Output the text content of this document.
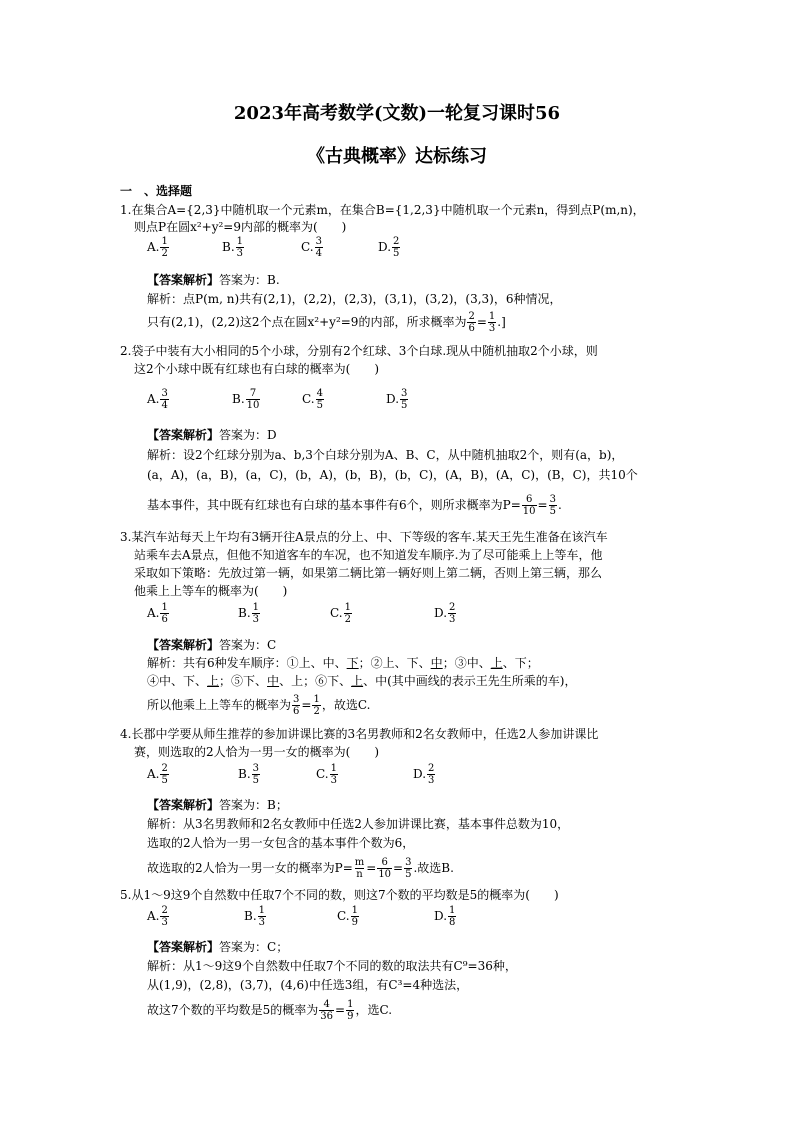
2023年高考数学(文数)一轮复习课时56
《古典概率》达标练习
一　、选择题
1.在集合A={2,3}中随机取一个元素m，在集合B={1,2,3}中随机取一个元素n，得到点P(m,n)，
则点P在圆x²+y²=9内部的概率为(　　)
A. $\frac{1}{2}$	B. $\frac{1}{3}$	C. $\frac{3}{4}$	D. $\frac{2}{5}$
【答案解析】答案为：B.
解析：点P(m, n)共有(2,1)，(2,2)，(2,3)，(3,1)，(3,2)，(3,3)，6种情况，
只有(2,1)，(2,2)这2个点在圆x²+y²=9的内部，所求概率为 $\frac{2}{6} = \frac{1}{3}$ .]
2.袋子中装有大小相同的5个小球，分别有2个红球、3个白球.现从中随机抽取2个小球，则
这2个小球中既有红球也有白球的概率为(　　)
A. $\frac{3}{4}$	B. $\frac{7}{10}$	C. $\frac{4}{5}$	D. $\frac{3}{5}$
【答案解析】答案为：D
解析：设2个红球分别为a、b,3个白球分别为A、B、C，从中随机抽取2个，则有(a，b)，
(a，A)，(a，B)，(a，C)，(b，A)，(b，B)，(b，C)，(A，B)，(A，C)，(B，C)，共10个
基本事件，其中既有红球也有白球的基本事件有6个，则所求概率为$P= \frac{6}{10} = \frac{3}{5}$ .
3.某汽车站每天上午均有3辆开往A景点的分上、中、下等级的客车.某天王先生准备在该汽车
站乘车去A景点，但他不知道客车的车况，也不知道发车顺序.为了尽可能乘上上等车，他
采取如下策略：先放过第一辆，如果第二辆比第一辆好则上第二辆，否则上第三辆，那么
他乘上上等车的概率为(　　)
A. $\frac{1}{6}$	B. $\frac{1}{3}$	C. $\frac{1}{2}$	D. $\frac{2}{3}$
【答案解析】答案为：C
解析：共有6种发车顺序：①上、中、下；②上、下、中；③中、上、下；
④中、下、上；⑤下、中、上；⑥下、上、中(其中画线的表示王先生所乘的车)，
所以他乘上上等车的概率为 $\frac{3}{6} = \frac{1}{2}$ ，故选C.
4.长郡中学要从师生推荐的参加讲课比赛的3名男教师和2名女教师中，任选2人参加讲课比
赛，则选取的2人恰为一男一女的概率为(　　)
A. $\frac{2}{5}$	B. $\frac{3}{5}$	C. $\frac{1}{3}$	D. $\frac{2}{3}$
【答案解析】答案为：B；
解析：从3名男教师和2名女教师中任选2人参加讲课比赛，基本事件总数为10，
选取的2人恰为一男一女包含的基本事件个数为6，
故选取的2人恰为一男一女的概率为$P= \frac{m}{n} = \frac{6}{10} = \frac{3}{5}$ .故选B.
5.从1～9这9个自然数中任取7个不同的数，则这7个数的平均数是5的概率为(　　)
A. $\frac{2}{3}$	B. $\frac{1}{3}$	C. $\frac{1}{9}$	D. $\frac{1}{8}$
【答案解析】答案为：C；
解析：从1～9这9个自然数中任取7个不同的数的取法共有C⁹=36种，
从(1,9)，(2,8)，(3,7)，(4,6)中任选3组，有C³=4种选法，
故这7个数的平均数是5的概率为 $\frac{4}{36} = \frac{1}{9}$ ，选C.
